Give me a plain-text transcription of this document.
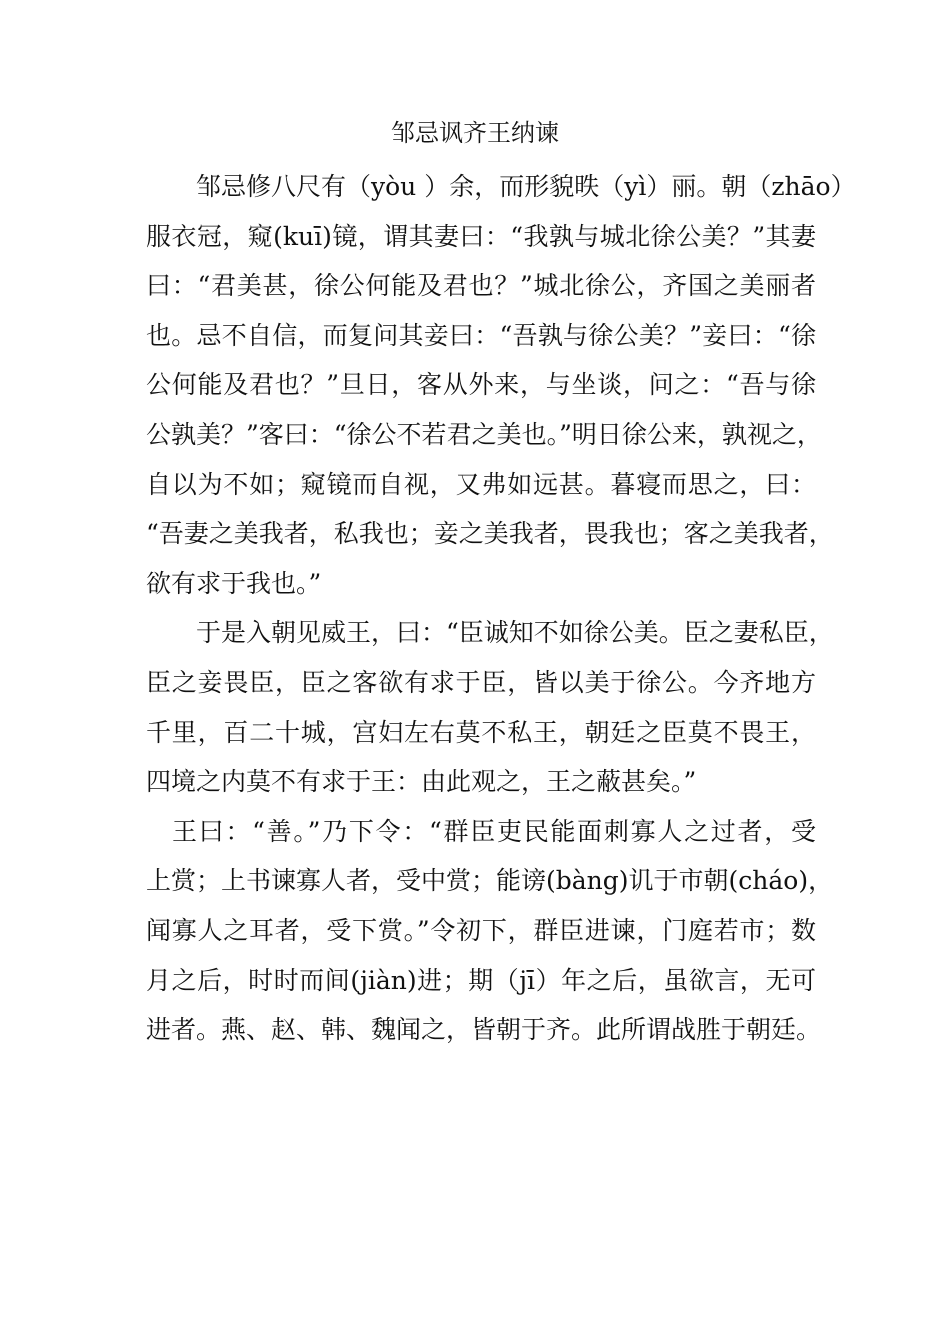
邹忌讽齐王纳谏
邹忌修八尺有（yòu ）余，而形貌昳（yì）丽。朝（zhāo）
服衣冠，窥(kuī)镜，谓其妻曰：“我孰与城北徐公美？”其妻
曰：“君美甚，徐公何能及君也？”城北徐公，齐国之美丽者
也。忌不自信，而复问其妾曰：“吾孰与徐公美？”妾曰：“徐
公何能及君也？”旦日，客从外来，与坐谈，问之：“吾与徐
公孰美？”客曰：“徐公不若君之美也。”明日徐公来，孰视之，
自以为不如；窥镜而自视，又弗如远甚。暮寝而思之，曰：
“吾妻之美我者，私我也；妾之美我者，畏我也；客之美我者，
欲有求于我也。”
于是入朝见威王，曰：“臣诚知不如徐公美。臣之妻私臣，
臣之妾畏臣，臣之客欲有求于臣，皆以美于徐公。今齐地方
千里，百二十城，宫妇左右莫不私王，朝廷之臣莫不畏王，
四境之内莫不有求于王：由此观之，王之蔽甚矣。”
王曰：“善。”乃下令：“群臣吏民能面刺寡人之过者，受
上赏；上书谏寡人者，受中赏；能谤(bàng)讥于市朝(cháo)，
闻寡人之耳者，受下赏。”令初下，群臣进谏，门庭若市；数
月之后，时时而间(jiàn)进；期（jī）年之后，虽欲言，无可
进者。燕、赵、韩、魏闻之，皆朝于齐。此所谓战胜于朝廷。
